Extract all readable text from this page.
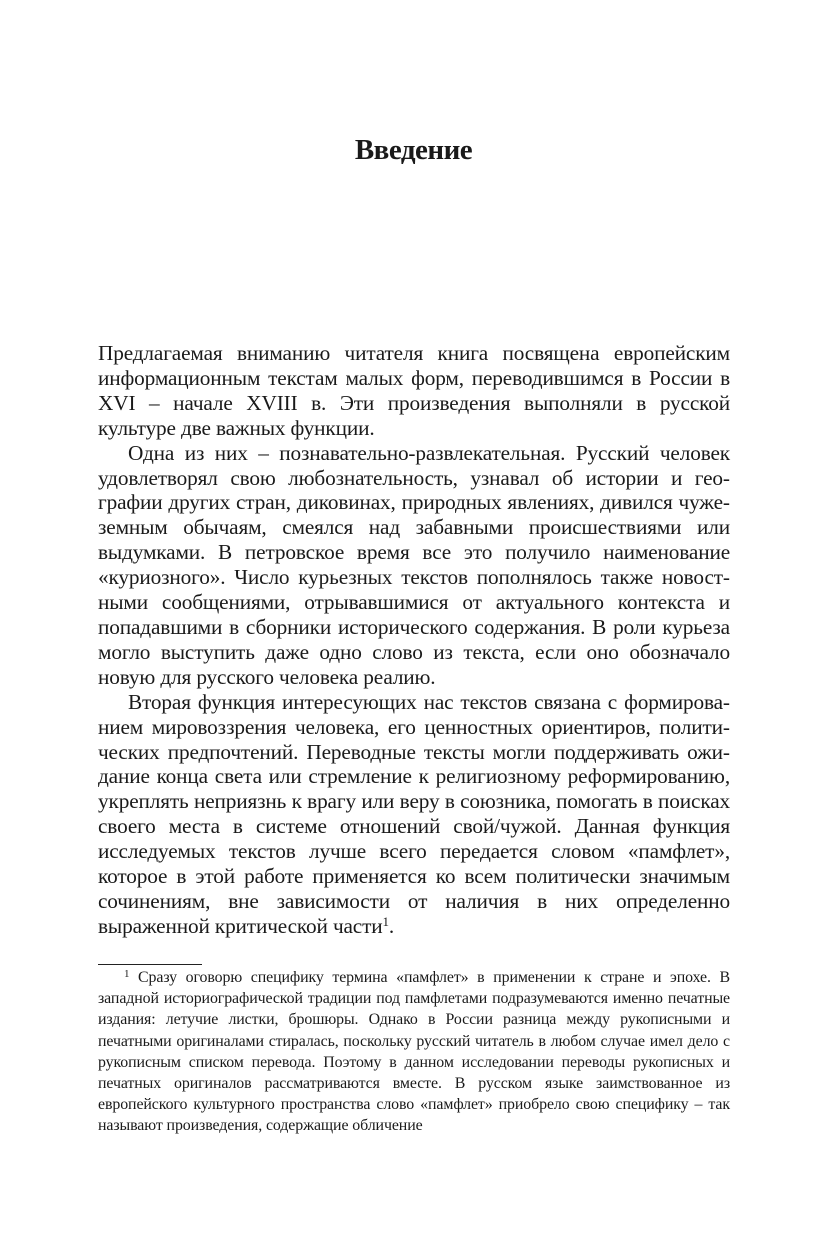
Введение

Предлагаемая вниманию читателя книга посвящена европейским информационным текстам малых форм, переводившимся в России в XVI – начале XVIII в. Эти произведения выполняли в русской культуре две важных функции.

Одна из них – познавательно-развлекательная. Русский человек удовлетворял свою любознательность, узнавал об истории и географии других стран, диковинах, природных явлениях, дивился чужеземным обычаям, смеялся над забавными происшествиями или выдумками. В петровское время все это получило наименование «куриозного». Число курьезных текстов пополнялось также новостными сообщениями, отрывавшимися от актуального контекста и попадавшими в сборники исторического содержания. В роли курьеза могло выступить даже одно слово из текста, если оно обозначало новую для русского человека реалию.

Вторая функция интересующих нас текстов связана с формированием мировоззрения человека, его ценностных ориентиров, политических предпочтений. Переводные тексты могли поддерживать ожидание конца света или стремление к религиозному реформированию, укреплять неприязнь к врагу или веру в союзника, помогать в поисках своего места в системе отношений свой/чужой. Данная функция исследуемых текстов лучше всего передается словом «памфлет», которое в этой работе применяется ко всем политически значимым сочинениям, вне зависимости от наличия в них определенно выраженной критической части$^1$.

$^1$ Сразу оговорю специфику термина «памфлет» в применении к стране и эпохе. В западной историографической традиции под памфлетами подразумеваются именно печатные издания: летучие листки, брошюры. Однако в России разница между рукописными и печатными оригиналами стиралась, поскольку русский читатель в любом случае имел дело с рукописным списком перевода. Поэтому в данном исследовании переводы рукописных и печатных оригиналов рассматриваются вместе. В русском языке заимствованное из европейского культурного пространства слово «памфлет» приобрело свою специфику – так называют произведения, содержащие обличение
